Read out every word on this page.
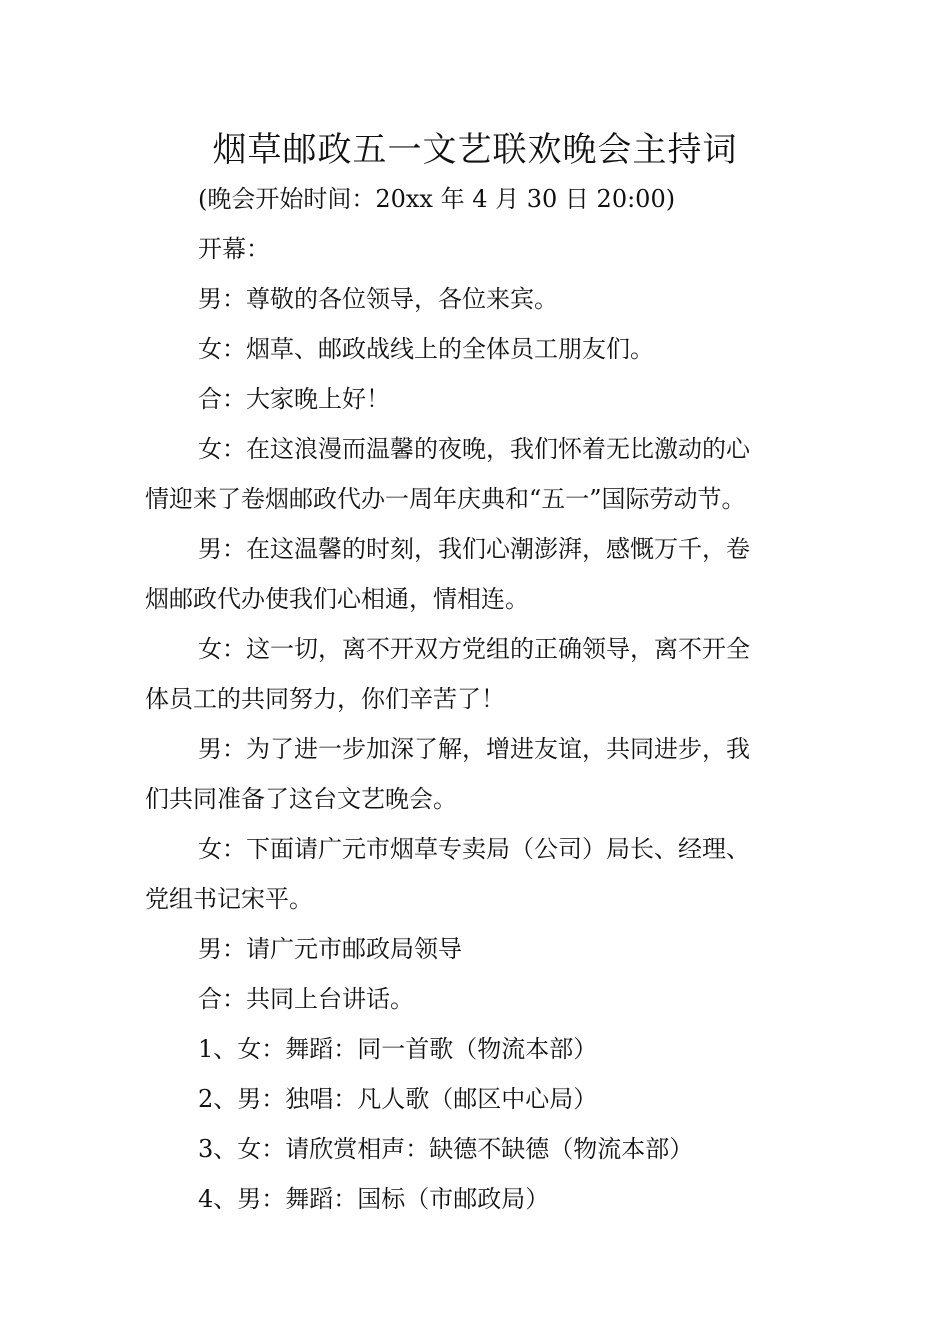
烟草邮政五一文艺联欢晚会主持词

(晚会开始时间：20xx 年 4 月 30 日 20:00)

开幕：

男：尊敬的各位领导，各位来宾。

女：烟草、邮政战线上的全体员工朋友们。

合：大家晚上好！

女：在这浪漫而温馨的夜晚，我们怀着无比激动的心
情迎来了卷烟邮政代办一周年庆典和“五一”国际劳动节。

男：在这温馨的时刻，我们心潮澎湃，感慨万千，卷
烟邮政代办使我们心相通，情相连。

女：这一切，离不开双方党组的正确领导，离不开全
体员工的共同努力，你们辛苦了！

男：为了进一步加深了解，增进友谊，共同进步，我
们共同准备了这台文艺晚会。

女：下面请广元市烟草专卖局（公司）局长、经理、
党组书记宋平。

男：请广元市邮政局领导

合：共同上台讲话。

1、女：舞蹈：同一首歌（物流本部）

2、男：独唱：凡人歌（邮区中心局）

3、女：请欣赏相声：缺德不缺德（物流本部）

4、男：舞蹈：国标（市邮政局）
